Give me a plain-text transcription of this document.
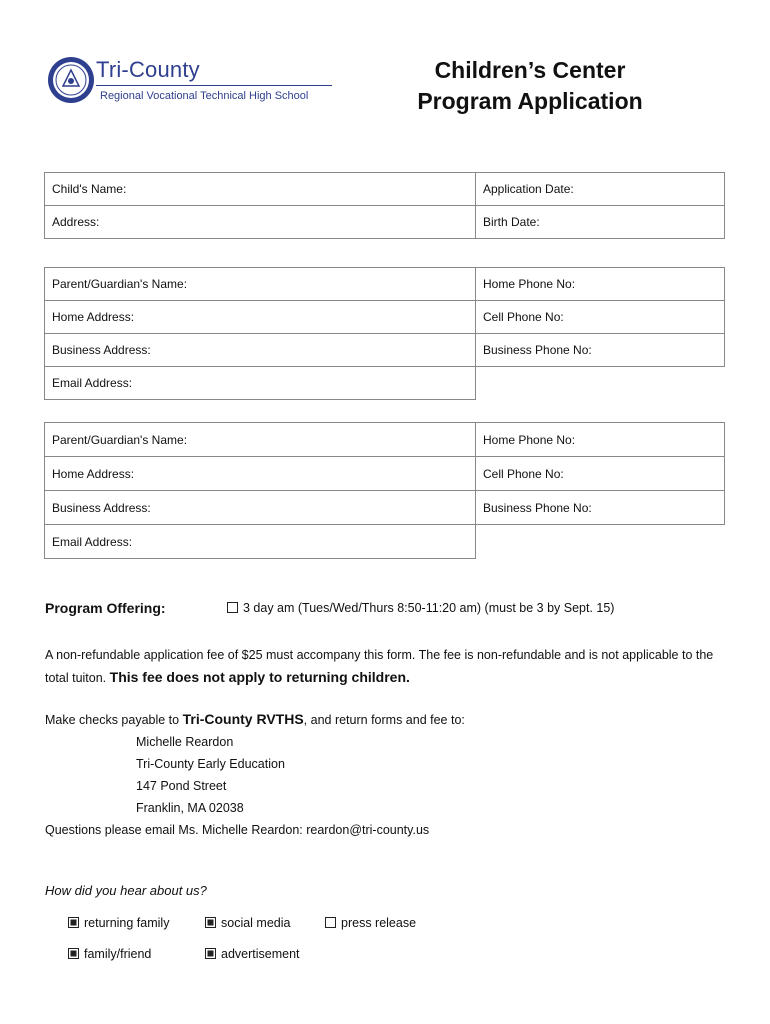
Tri-County
Regional Vocational Technical High School
Children’s Center
Program Application
Child's Name:	Application Date:
Address:	Birth Date:
Parent/Guardian's Name:	Home Phone No:
Home Address:	Cell Phone No:
Business Address:	Business Phone No:
Email Address:	
Parent/Guardian's Name:	Home Phone No:
Home Address:	Cell Phone No:
Business Address:	Business Phone No:
Email Address:	
Program Offering:	3 day am (Tues/Wed/Thurs 8:50-11:20 am) (must be 3 by Sept. 15)
A non-refundable application fee of $25 must accompany this form. The fee is non-refundable and is not applicable to the total tuiton. This fee does not apply to returning children.
Make checks payable to Tri-County RVTHS, and return forms and fee to:
Michelle Reardon
Tri-County Early Education
147 Pond Street
Franklin, MA 02038
Questions please email Ms. Michelle Reardon: reardon@tri-county.us
How did you hear about us?
returning family	social media	press release
family/friend	advertisement
